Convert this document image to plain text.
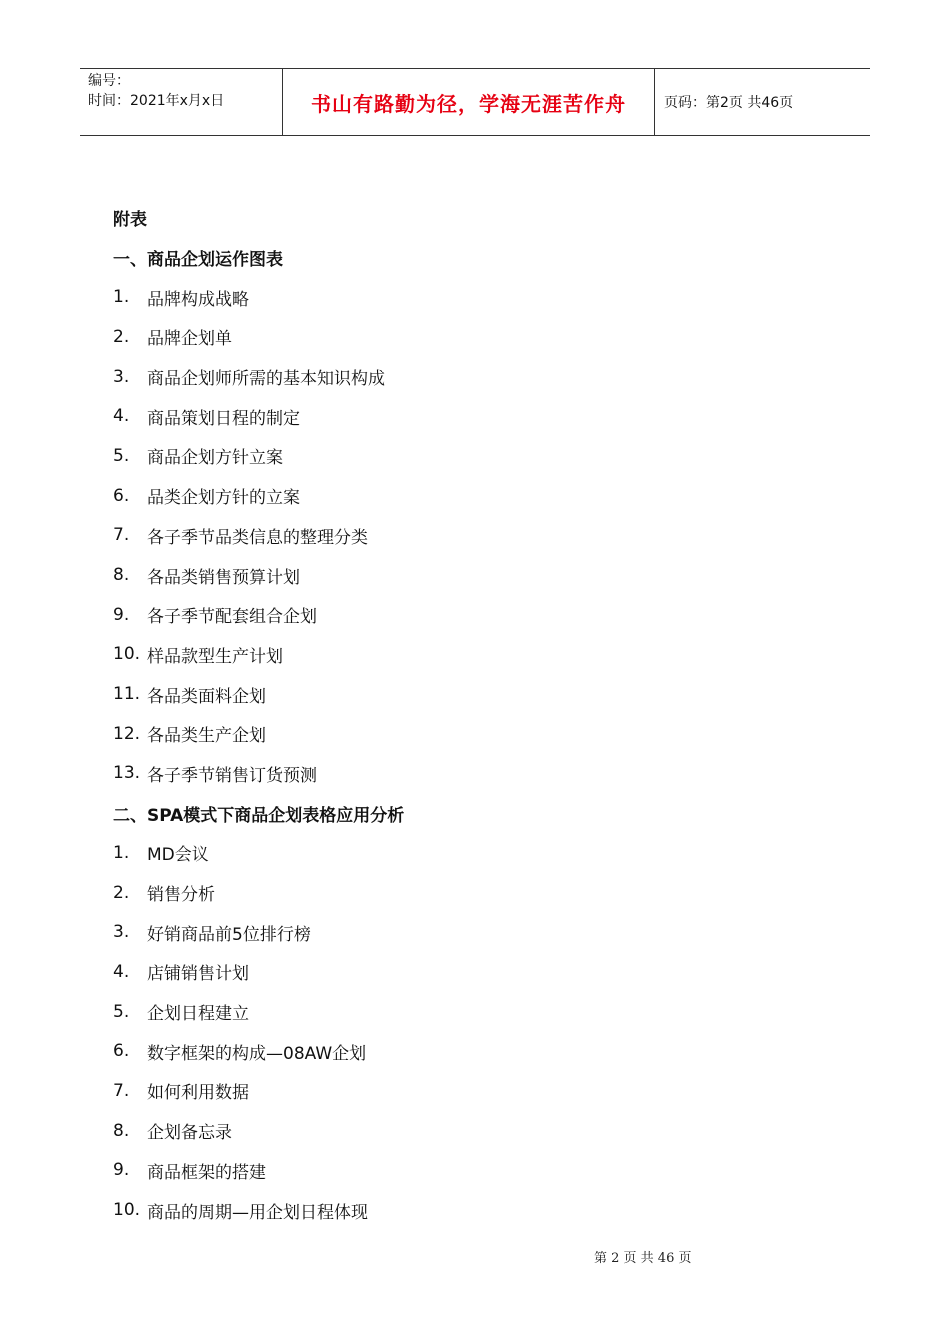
编号：
时间：2021年x月x日	书山有路勤为径，学海无涯苦作舟	页码：第2页 共46页
附表
一、商品企划运作图表
1.	品牌构成战略
2.	品牌企划单
3.	商品企划师所需的基本知识构成
4.	商品策划日程的制定
5.	商品企划方针立案
6.	品类企划方针的立案
7.	各子季节品类信息的整理分类
8.	各品类销售预算计划
9.	各子季节配套组合企划
10. 样品款型生产计划
11. 各品类面料企划
12. 各品类生产企划
13. 各子季节销售订货预测
二、SPA模式下商品企划表格应用分析
1.	MD会议
2.	销售分析
3.	好销商品前5位排行榜
4.	店铺销售计划
5.	企划日程建立
6.	数字框架的构成—08AW企划
7.	如何利用数据
8.	企划备忘录
9.	商品框架的搭建
10. 商品的周期—用企划日程体现
第 2 页 共 46 页
